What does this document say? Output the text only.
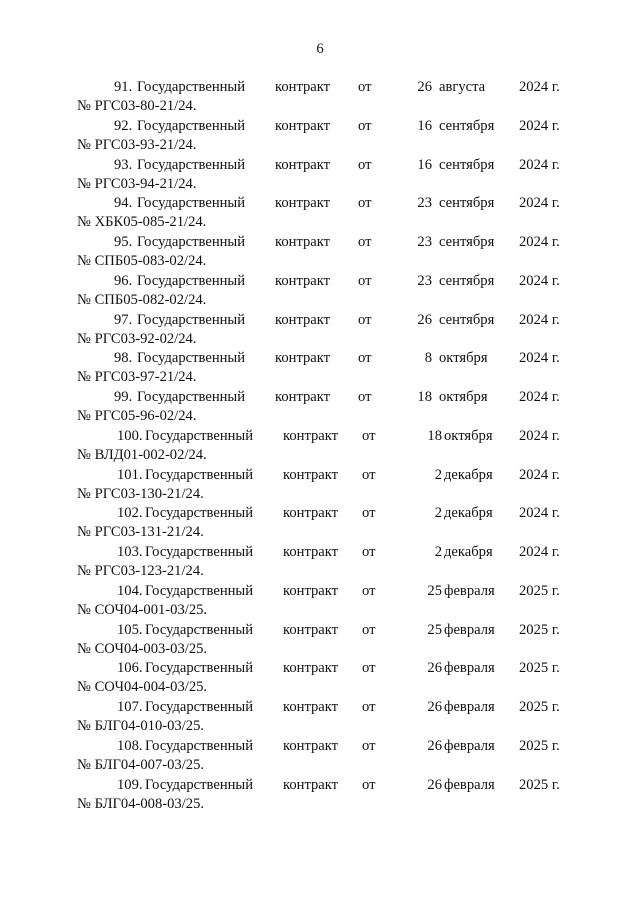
6
91. Государственный контракт от	26 августа 2024 г.
№ РГС03-80-21/24.
92. Государственный контракт от	16 сентября 2024 г.
№ РГС03-93-21/24.
93. Государственный контракт от	16 сентября 2024 г.
№ РГС03-94-21/24.
94. Государственный контракт от	23 сентября 2024 г.
№ ХБК05-085-21/24.
95. Государственный контракт от	23 сентября 2024 г.
№ СПБ05-083-02/24.
96. Государственный контракт от	23 сентября 2024 г.
№ СПБ05-082-02/24.
97. Государственный контракт от	26 сентября 2024 г.
№ РГС03-92-02/24.
98. Государственный контракт от	8 октября 2024 г.
№ РГС03-97-21/24.
99. Государственный контракт от	18 октября 2024 г.
№ РГС05-96-02/24.
100. Государственный контракт от	18 октября 2024 г.
№ ВЛД01-002-02/24.
101. Государственный контракт от	2 декабря 2024 г.
№ РГС03-130-21/24.
102. Государственный контракт от	2 декабря 2024 г.
№ РГС03-131-21/24.
103. Государственный контракт от	2 декабря 2024 г.
№ РГС03-123-21/24.
104. Государственный контракт от	25 февраля 2025 г.
№ СОЧ04-001-03/25.
105. Государственный контракт от	25 февраля 2025 г.
№ СОЧ04-003-03/25.
106. Государственный контракт от	26 февраля 2025 г.
№ СОЧ04-004-03/25.
107. Государственный контракт от	26 февраля 2025 г.
№ БЛГ04-010-03/25.
108. Государственный контракт от	26 февраля 2025 г.
№ БЛГ04-007-03/25.
109. Государственный контракт от	26 февраля 2025 г.
№ БЛГ04-008-03/25.
